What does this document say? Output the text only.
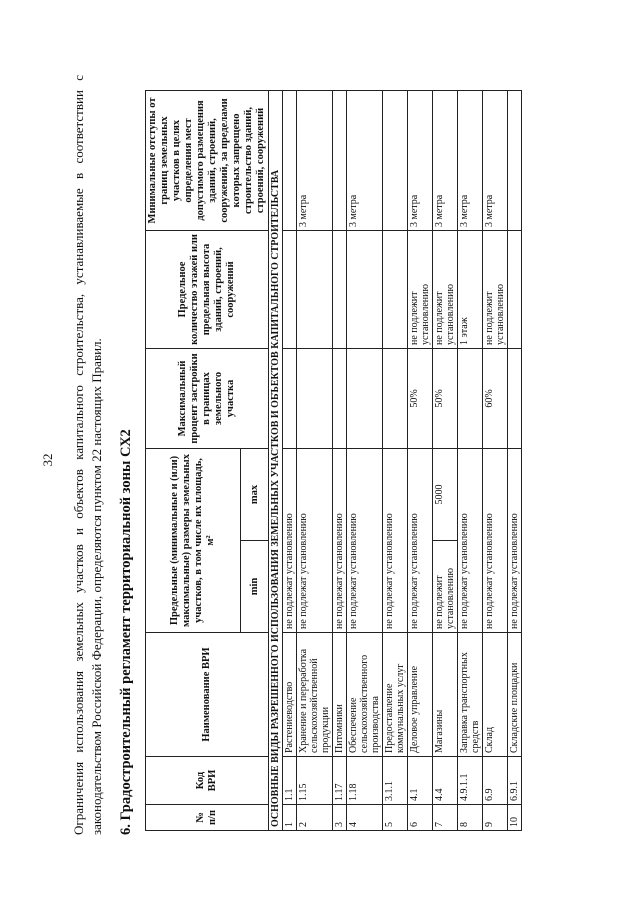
32 Ограничения использования земельных участков и объектов капитального строительства, устанавливаемые в соответствии с законодательством Российской Федерации, определяются пунктом 22 настоящих Правил. 6. Градостроительный регламент территориальной зоны СХ2	№ п/п	Код ВРИ	Наименование ВРИ	Предельные (минимальные и (или) максимальные) размеры земельных участков, в том числе их площадь, м²		Максимальный процент застройки в границах земельного участка	Предельное количество этажей или предельная высота зданий, строений, сооружений	Минимальные отступы от границ земельных участков в целях определения мест допустимого размещения зданий, строений, сооружений, за пределами которых запрещено строительство зданий, строений, сооружений
			min	max			
ОСНОВНЫЕ ВИДЫ РАЗРЕШЕННОГО ИСПОЛЬЗОВАНИЯ ЗЕМЕЛЬНЫХ УЧАСТКОВ И ОБЪЕКТОВ КАПИТАЛЬНОГО СТРОИТЕЛЬСТВА							
1	1.1	Растениеводство	не подлежат установлению				
2	1.15	Хранение и переработка сельскохозяйственной продукции	не подлежат установлению				3 метра
3	1.17	Питомники	не подлежат установлению				
4	1.18	Обеспечение сельскохозяйственного производства	не подлежат установлению				3 метра
5	3.1.1	Предоставление коммунальных услуг	не подлежат установлению				
6	4.1	Деловое управление	не подлежат установлению		50%	не подлежит установлению	3 метра
7	4.4	Магазины	не подлежит установлению	5000	50%	не подлежит установлению	3 метра
8	4.9.1.1	Заправка транспортных средств	не подлежат установлению			1 этаж	3 метра
9	6.9	Склад	не подлежат установлению		60%	не подлежит установлению	3 метра
10	6.9.1	Складские площадки	не подлежат установлению				
